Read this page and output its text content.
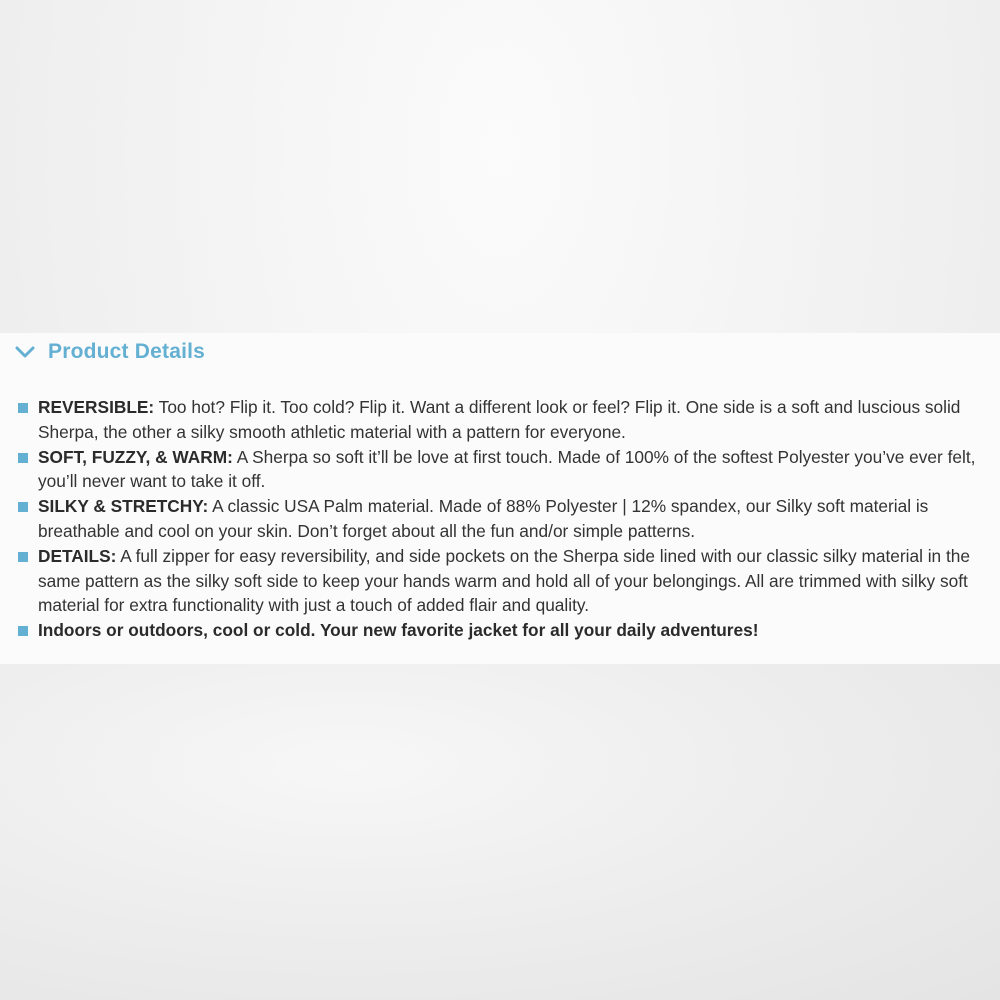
Product Details
REVERSIBLE: Too hot? Flip it. Too cold? Flip it. Want a different look or feel? Flip it. One side is a soft and luscious solid Sherpa, the other a silky smooth athletic material with a pattern for everyone.
SOFT, FUZZY, & WARM: A Sherpa so soft it’ll be love at first touch. Made of 100% of the softest Polyester you’ve ever felt, you’ll never want to take it off.
SILKY & STRETCHY: A classic USA Palm material. Made of 88% Polyester | 12% spandex, our Silky soft material is breathable and cool on your skin. Don’t forget about all the fun and/or simple patterns.
DETAILS: A full zipper for easy reversibility, and side pockets on the Sherpa side lined with our classic silky material in the same pattern as the silky soft side to keep your hands warm and hold all of your belongings. All are trimmed with silky soft material for extra functionality with just a touch of added flair and quality.
Indoors or outdoors, cool or cold. Your new favorite jacket for all your daily adventures!
